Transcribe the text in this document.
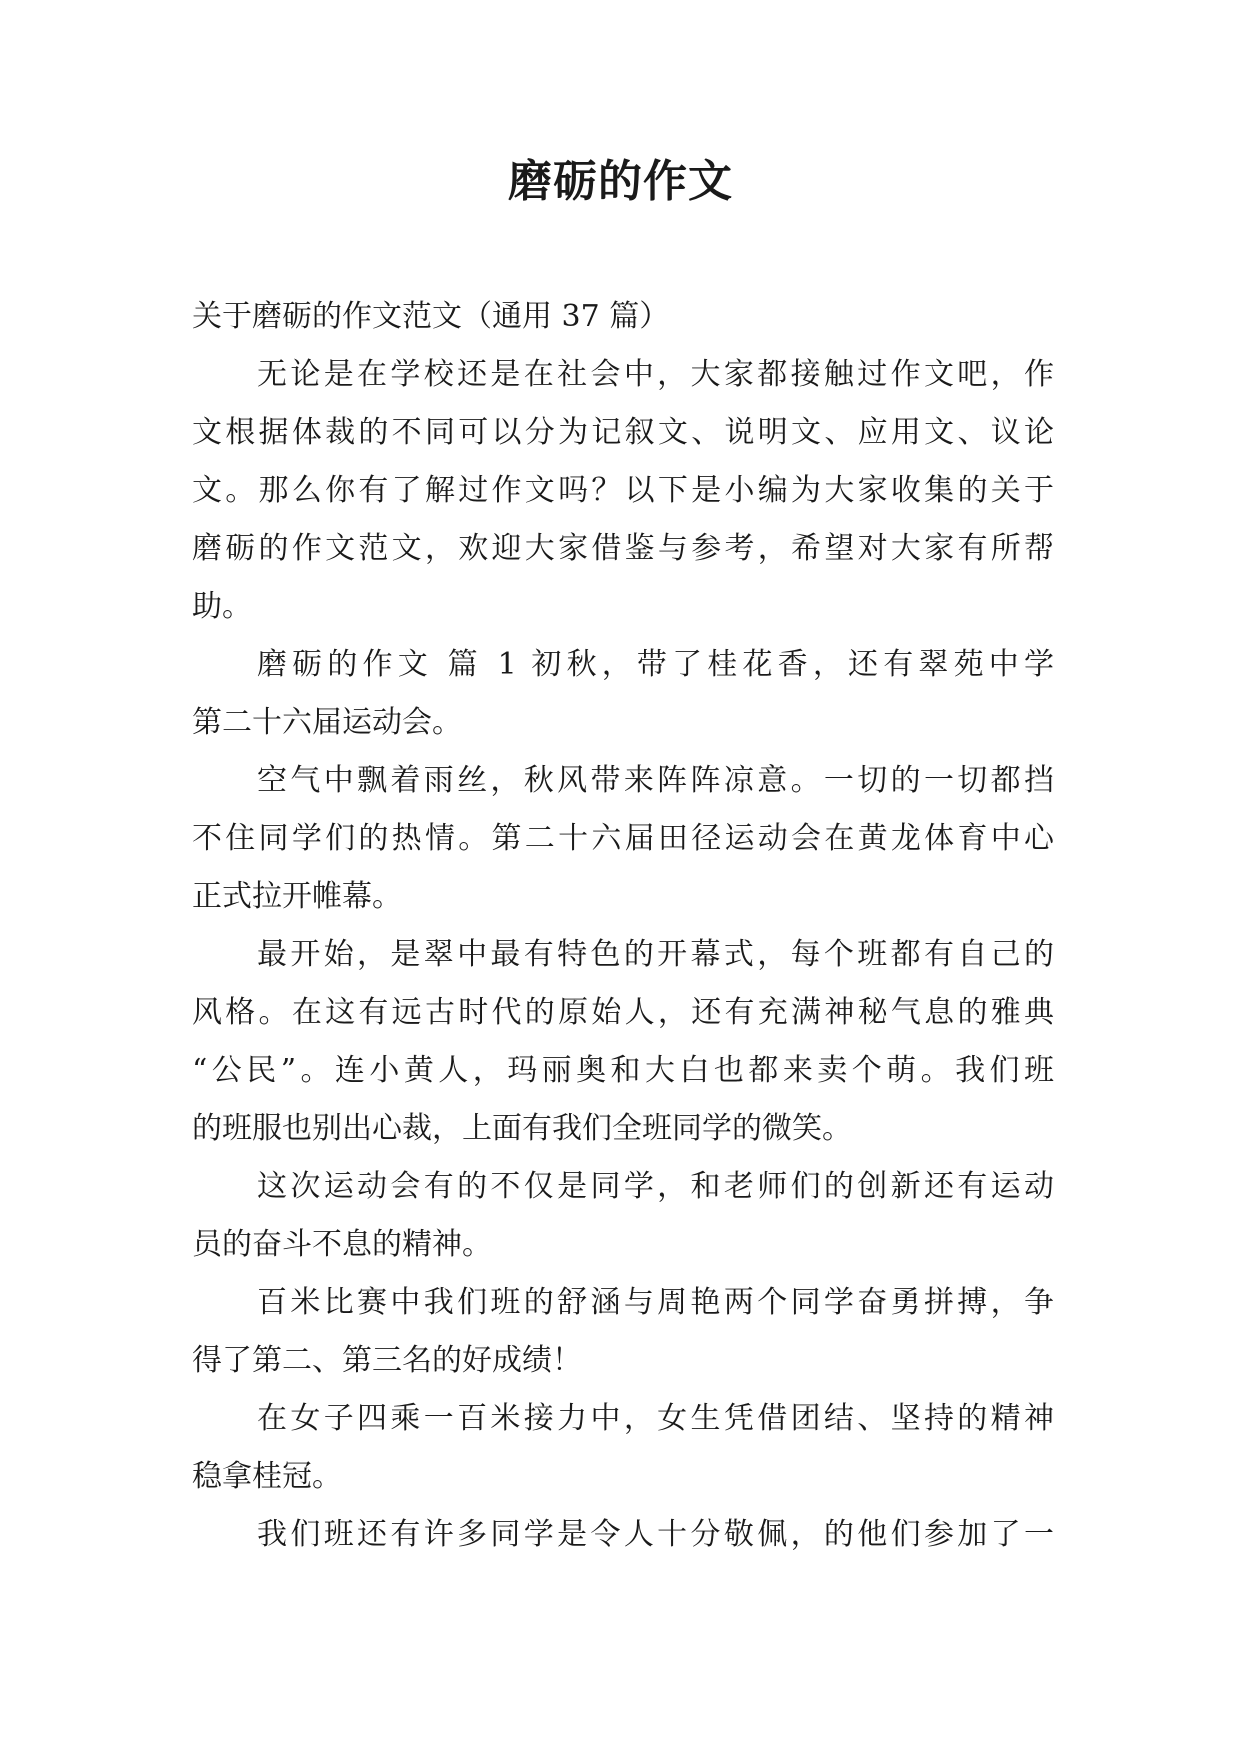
磨砺的作文
关于磨砺的作文范文（通用 37 篇）
无论是在学校还是在社会中，大家都接触过作文吧，作
文根据体裁的不同可以分为记叙文、说明文、应用文、议论
文。那么你有了解过作文吗？以下是小编为大家收集的关于
磨砺的作文范文，欢迎大家借鉴与参考，希望对大家有所帮
助。
磨砺的作文 篇 1 初秋，带了桂花香，还有翠苑中学
第二十六届运动会。
空气中飘着雨丝，秋风带来阵阵凉意。一切的一切都挡
不住同学们的热情。第二十六届田径运动会在黄龙体育中心
正式拉开帷幕。
最开始，是翠中最有特色的开幕式，每个班都有自己的
风格。在这有远古时代的原始人，还有充满神秘气息的雅典
“公民”。连小黄人，玛丽奥和大白也都来卖个萌。我们班
的班服也别出心裁，上面有我们全班同学的微笑。
这次运动会有的不仅是同学，和老师们的创新还有运动
员的奋斗不息的精神。
百米比赛中我们班的舒涵与周艳两个同学奋勇拼搏，争
得了第二、第三名的好成绩！
在女子四乘一百米接力中，女生凭借团结、坚持的精神
稳拿桂冠。
我们班还有许多同学是令人十分敬佩，的他们参加了一
